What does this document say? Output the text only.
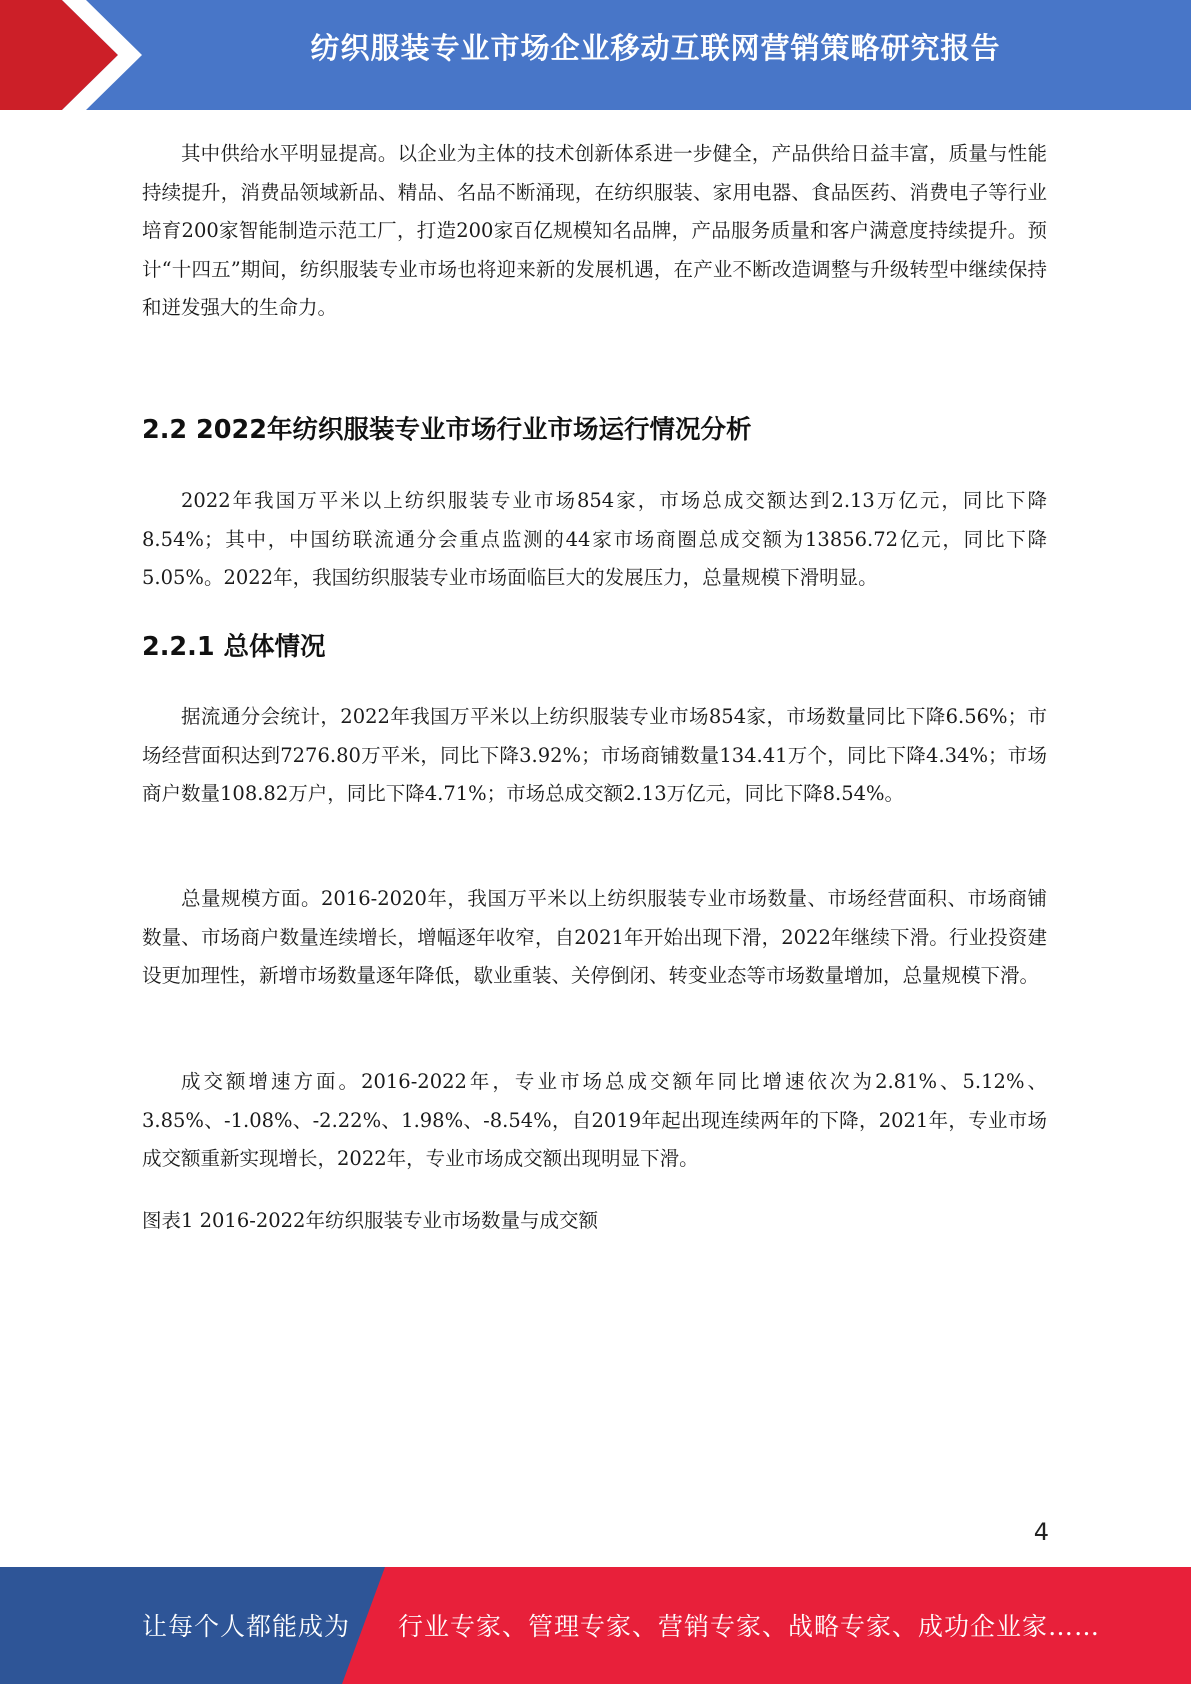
纺织服装专业市场企业移动互联网营销策略研究报告

其中供给水平明显提高。以企业为主体的技术创新体系进一步健全，产品供给日益丰富，质量与性能持续提升，消费品领域新品、精品、名品不断涌现，在纺织服装、家用电器、食品医药、消费电子等行业培育200家智能制造示范工厂，打造200家百亿规模知名品牌，产品服务质量和客户满意度持续提升。预计“十四五”期间，纺织服装专业市场也将迎来新的发展机遇，在产业不断改造调整与升级转型中继续保持和迸发强大的生命力。

2.2 2022年纺织服装专业市场行业市场运行情况分析

2022年我国万平米以上纺织服装专业市场854家，市场总成交额达到2.13万亿元，同比下降8.54%；其中，中国纺联流通分会重点监测的44家市场商圈总成交额为13856.72亿元，同比下降5.05%。2022年，我国纺织服装专业市场面临巨大的发展压力，总量规模下滑明显。

2.2.1 总体情况

据流通分会统计，2022年我国万平米以上纺织服装专业市场854家，市场数量同比下降6.56%；市场经营面积达到7276.80万平米，同比下降3.92%；市场商铺数量134.41万个，同比下降4.34%；市场商户数量108.82万户，同比下降4.71%；市场总成交额2.13万亿元，同比下降8.54%。

总量规模方面。2016-2020年，我国万平米以上纺织服装专业市场数量、市场经营面积、市场商铺数量、市场商户数量连续增长，增幅逐年收窄，自2021年开始出现下滑，2022年继续下滑。行业投资建设更加理性，新增市场数量逐年降低，歇业重装、关停倒闭、转变业态等市场数量增加，总量规模下滑。

成交额增速方面。2016-2022年，专业市场总成交额年同比增速依次为2.81%、5.12%、3.85%、-1.08%、-2.22%、1.98%、-8.54%，自2019年起出现连续两年的下降，2021年，专业市场成交额重新实现增长，2022年，专业市场成交额出现明显下滑。

图表1 2016-2022年纺织服装专业市场数量与成交额

4
让每个人都能成为 行业专家、管理专家、营销专家、战略专家、成功企业家……
